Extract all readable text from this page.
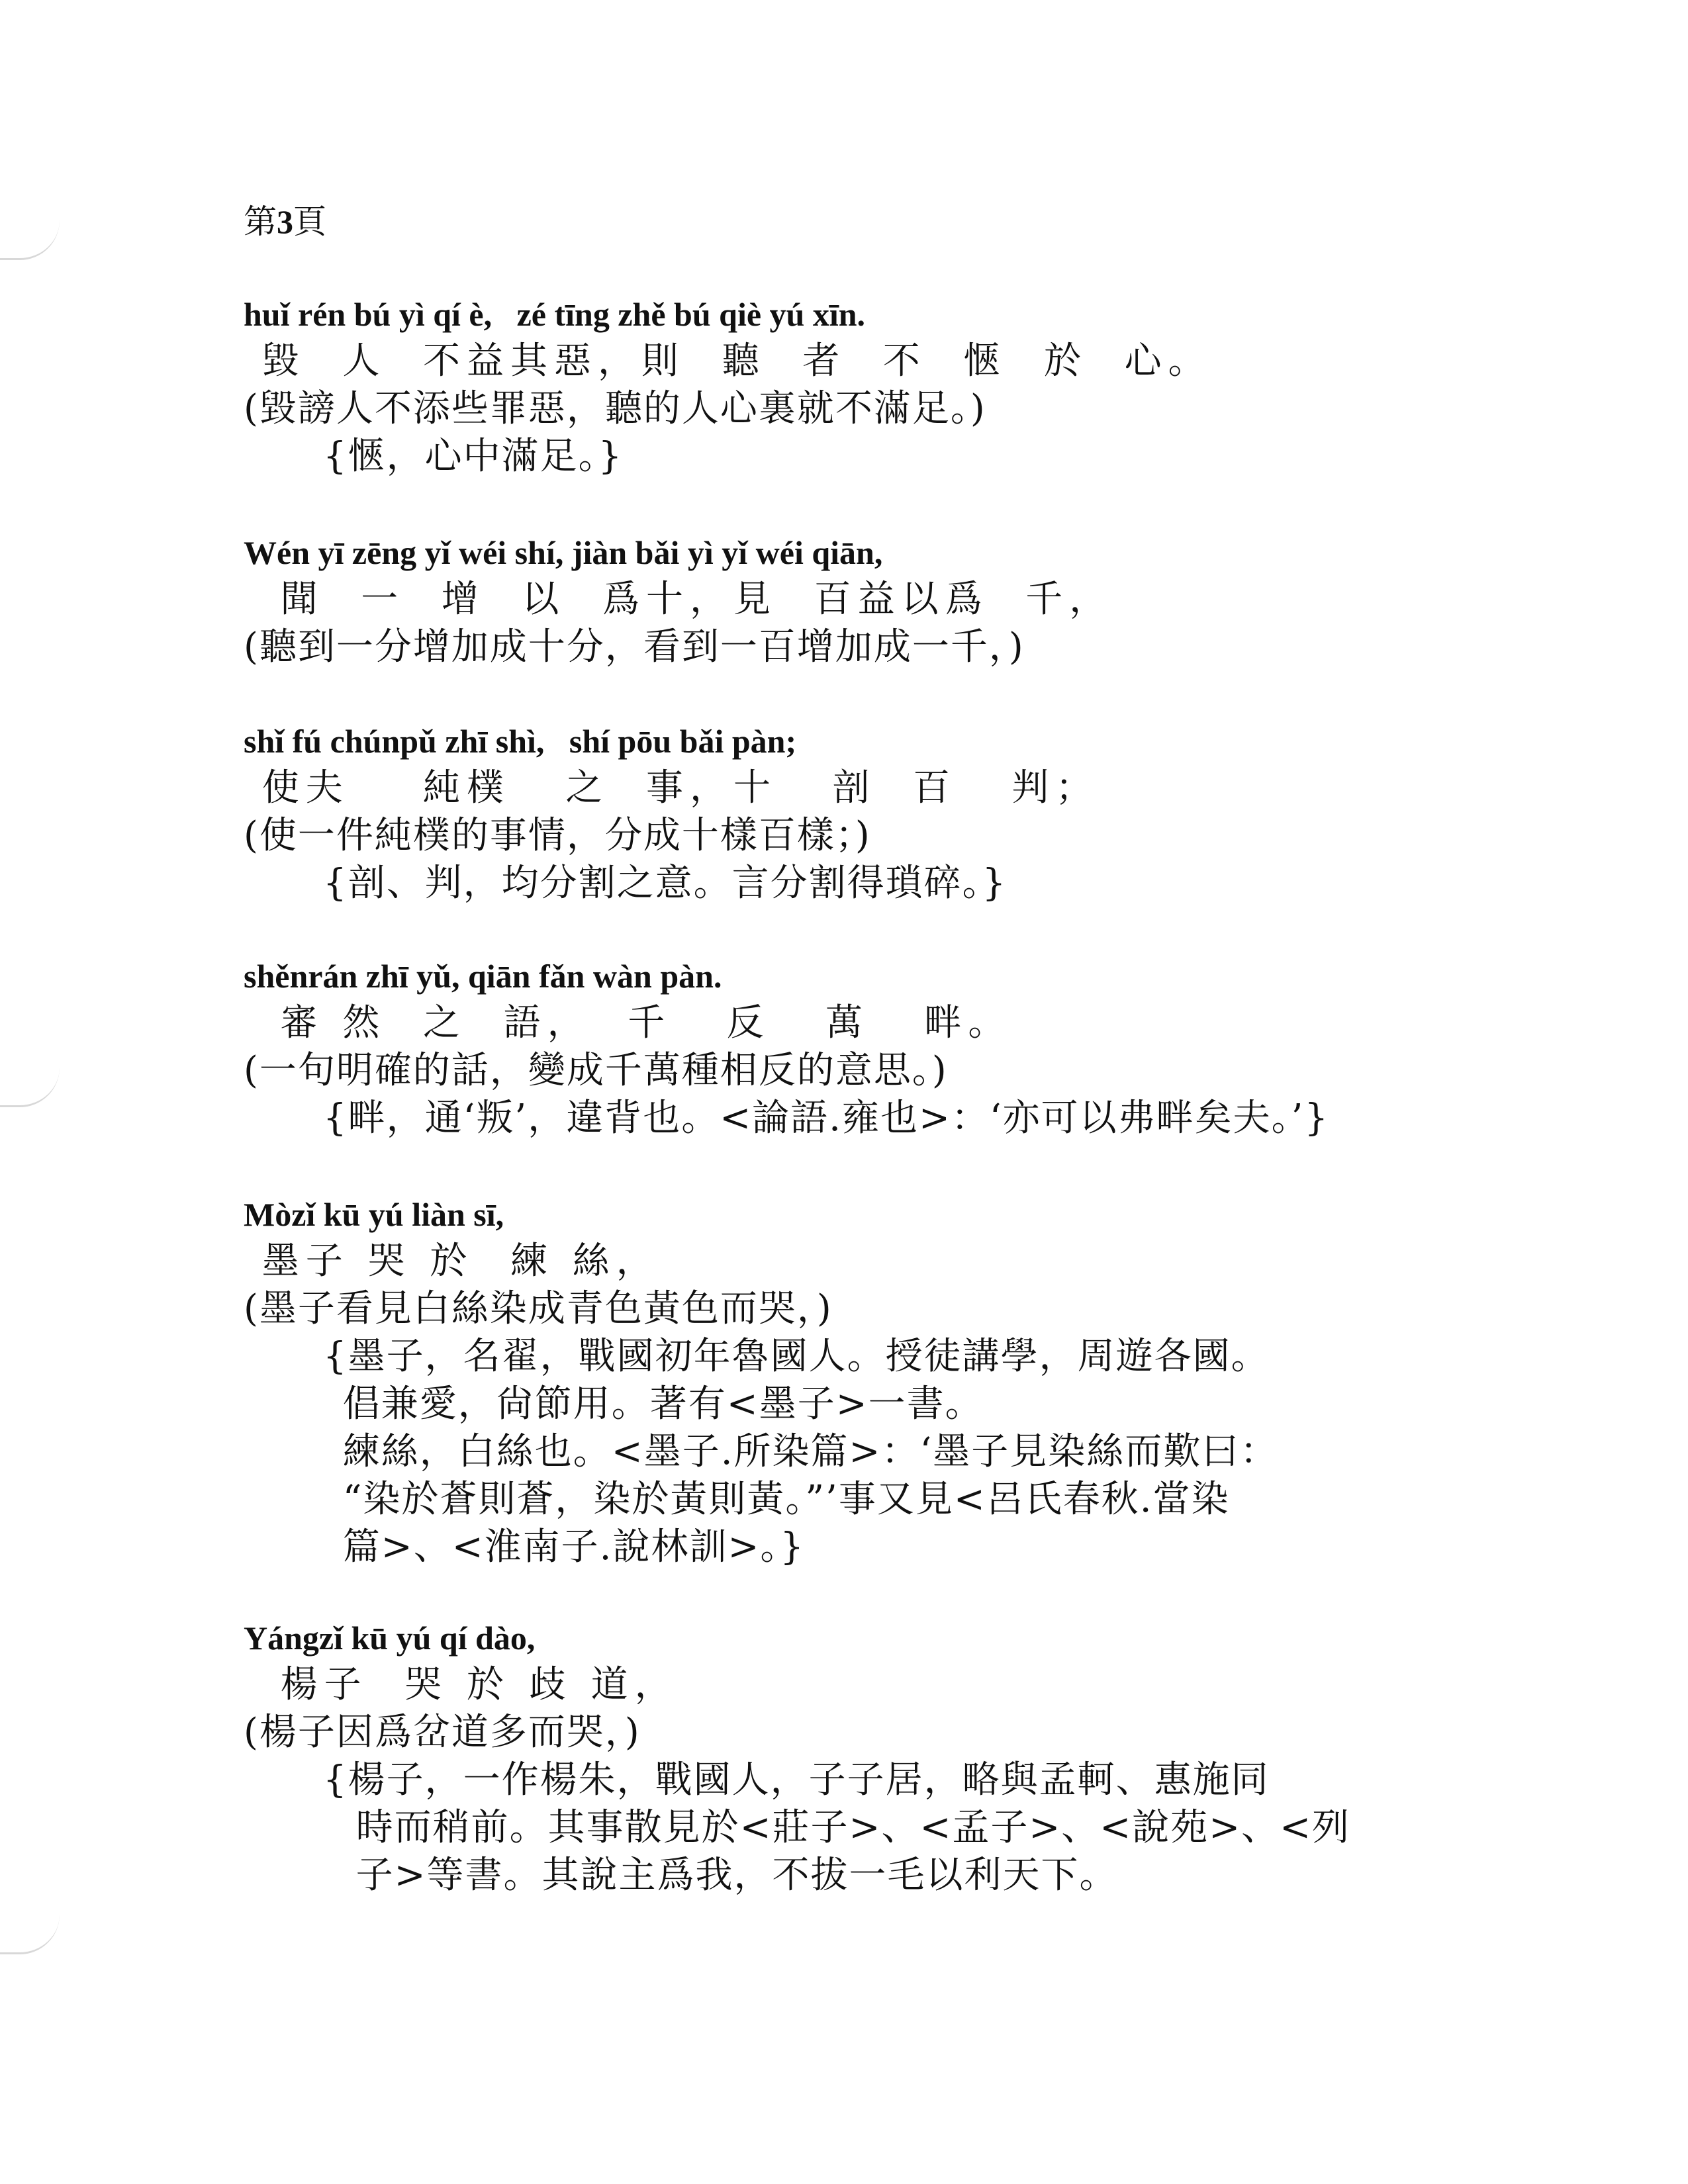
第3頁
huǐ rén bú yì qí è,   zé tīng zhě bú qiè yú xīn.
毀  人  不益其惡，則  聽  者  不  愜  於  心。
(毀謗人不添些罪惡，聽的人心裏就不滿足。)
{愜，心中滿足。}
Wén yī zēng yǐ wéi shí, jiàn bǎi yì yǐ wéi qiān,
聞  一  增  以  爲十，見  百益以爲  千，
(聽到一分增加成十分，看到一百增加成一千，)
shǐ fú chúnpǔ zhī shì,   shí pōu bǎi pàn;
使夫    純樸   之  事，十   剖  百   判；
(使一件純樸的事情，分成十樣百樣；)
{剖、判，均分割之意。言分割得瑣碎。}
shěnrán zhī yǔ, qiān fǎn wàn pàn.
審 然  之  語，  千   反   萬   畔。
(一句明確的話，變成千萬種相反的意思。)
{畔，通‘叛’，違背也。<論語.雍也>：‘亦可以弗畔矣夫。’}
Mòzǐ kū yú liàn sī,
墨子 哭 於  練 絲，
(墨子看見白絲染成青色黃色而哭，)
{墨子，名翟，戰國初年魯國人。授徒講學，周遊各國。
倡兼愛，尙節用。著有<墨子>一書。
練絲，白絲也。<墨子.所染篇>：‘墨子見染絲而歎曰：
“染於蒼則蒼，染於黃則黃。”’事又見<呂氏春秋.當染
篇>、<淮南子.說林訓>。}
Yángzǐ kū yú qí dào,
楊子  哭 於 歧 道，
(楊子因爲岔道多而哭，)
{楊子，一作楊朱，戰國人，子子居，略與孟軻、惠施同
時而稍前。其事散見於<莊子>、<孟子>、<說苑>、<列
子>等書。其說主爲我，不拔一毛以利天下。
